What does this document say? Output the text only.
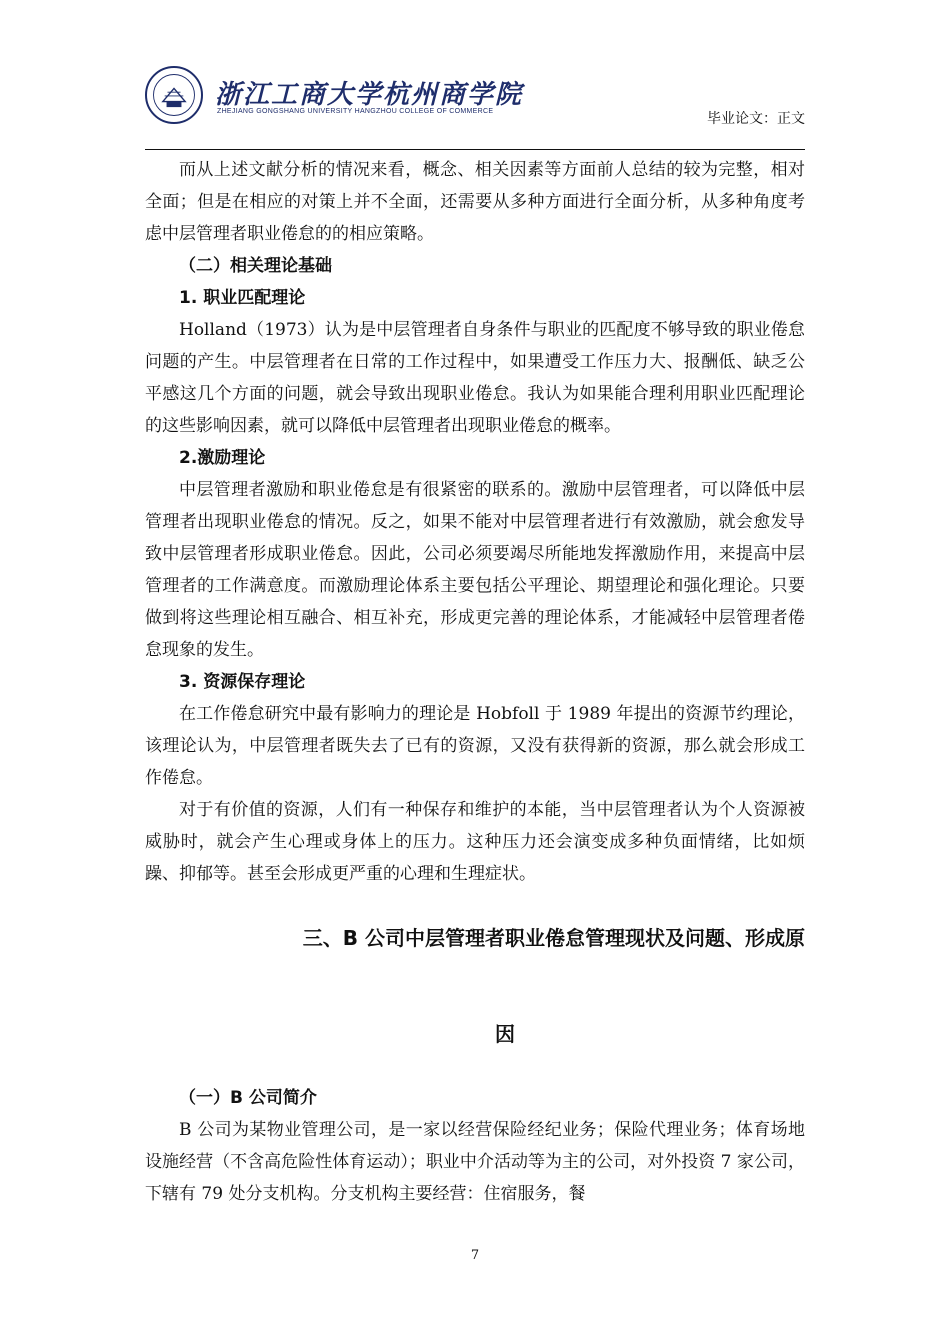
浙江工商大学杭州商学院
ZHEJIANG GONGSHANG UNIVERSITY HANGZHOU COLLEGE OF COMMERCE	毕业论文：正文

而从上述文献分析的情况来看，概念、相关因素等方面前人总结的较为完整，相对全面；但是在相应的对策上并不全面，还需要从多种方面进行全面分析，从多种角度考虑中层管理者职业倦怠的的相应策略。

（二）相关理论基础

1. 职业匹配理论

Holland（1973）认为是中层管理者自身条件与职业的匹配度不够导致的职业倦怠问题的产生。中层管理者在日常的工作过程中，如果遭受工作压力大、报酬低、缺乏公平感这几个方面的问题，就会导致出现职业倦怠。我认为如果能合理利用职业匹配理论的这些影响因素，就可以降低中层管理者出现职业倦怠的概率。

2.激励理论

中层管理者激励和职业倦怠是有很紧密的联系的。激励中层管理者，可以降低中层管理者出现职业倦怠的情况。反之，如果不能对中层管理者进行有效激励，就会愈发导致中层管理者形成职业倦怠。因此，公司必须要竭尽所能地发挥激励作用，来提高中层管理者的工作满意度。而激励理论体系主要包括公平理论、期望理论和强化理论。只要做到将这些理论相互融合、相互补充，形成更完善的理论体系，才能减轻中层管理者倦怠现象的发生。

3. 资源保存理论

在工作倦怠研究中最有影响力的理论是 Hobfoll 于 1989 年提出的资源节约理论，该理论认为，中层管理者既失去了已有的资源，又没有获得新的资源，那么就会形成工作倦怠。

对于有价值的资源，人们有一种保存和维护的本能，当中层管理者认为个人资源被威胁时，就会产生心理或身体上的压力。这种压力还会演变成多种负面情绪，比如烦躁、抑郁等。甚至会形成更严重的心理和生理症状。

三、B 公司中层管理者职业倦怠管理现状及问题、形成原

因

（一）B 公司简介

B 公司为某物业管理公司，是一家以经营保险经纪业务；保险代理业务；体育场地设施经营（不含高危险性体育运动）；职业中介活动等为主的公司，对外投资 7 家公司，下辖有 79 处分支机构。分支机构主要经营：住宿服务，餐

7
